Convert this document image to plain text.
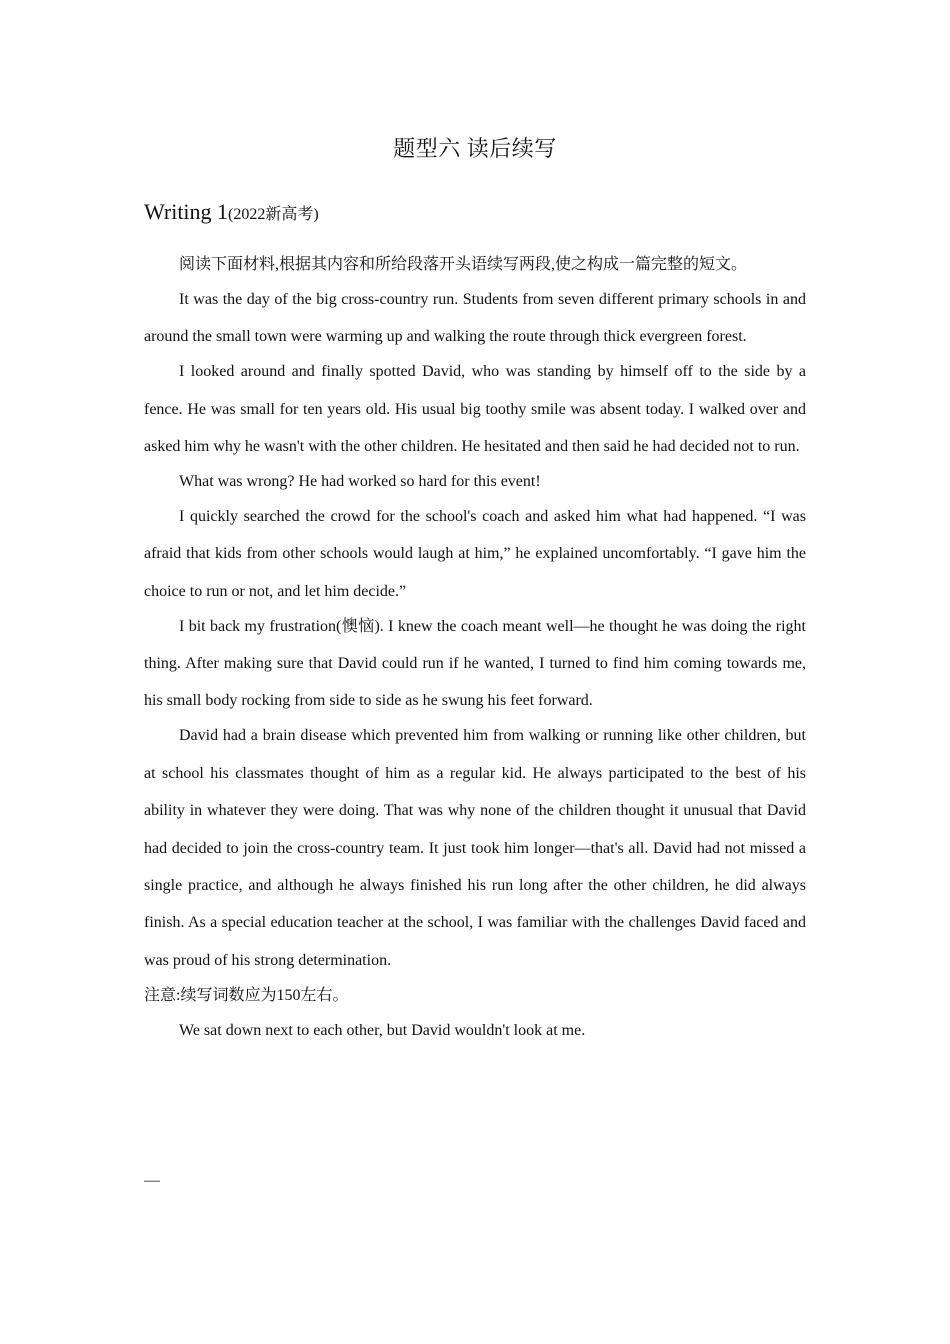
题型六 读后续写
Writing 1(2022新高考)

阅读下面材料,根据其内容和所给段落开头语续写两段,使之构成一篇完整的短文。

It was the day of the big cross-country run. Students from seven different primary schools in and around the small town were warming up and walking the route through thick evergreen forest.

I looked around and finally spotted David, who was standing by himself off to the side by a fence. He was small for ten years old. His usual big toothy smile was absent today. I walked over and asked him why he wasn't with the other children. He hesitated and then said he had decided not to run.

What was wrong? He had worked so hard for this event!

I quickly searched the crowd for the school's coach and asked him what had happened. “I was afraid that kids from other schools would laugh at him,” he explained uncomfortably. “I gave him the choice to run or not, and let him decide.”

I bit back my frustration(懊恼). I knew the coach meant well—he thought he was doing the right thing. After making sure that David could run if he wanted, I turned to find him coming towards me, his small body rocking from side to side as he swung his feet forward.

David had a brain disease which prevented him from walking or running like other children, but at school his classmates thought of him as a regular kid. He always participated to the best of his ability in whatever they were doing. That was why none of the children thought it unusual that David had decided to join the cross-country team. It just took him longer—that's all. David had not missed a single practice, and although he always finished his run long after the other children, he did always finish. As a special education teacher at the school, I was familiar with the challenges David faced and was proud of his strong determination.

注意:续写词数应为150左右。

We sat down next to each other, but David wouldn't look at me.

—
